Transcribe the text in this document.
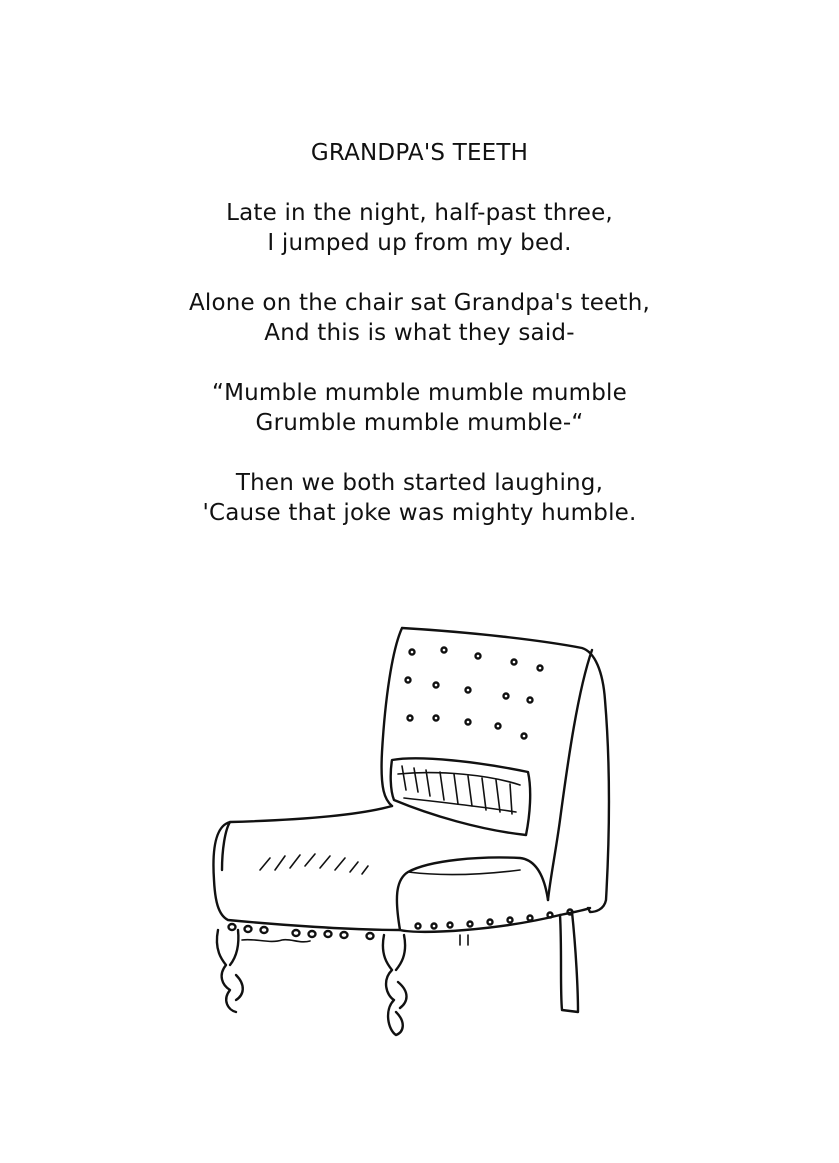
GRANDPA'S TEETH
Late in the night, half-past three,
I jumped up from my bed.
Alone on the chair sat Grandpa's teeth,
And this is what they said-
“Mumble mumble mumble mumble
Grumble mumble mumble-“
Then we both started laughing,
'Cause that joke was mighty humble.
